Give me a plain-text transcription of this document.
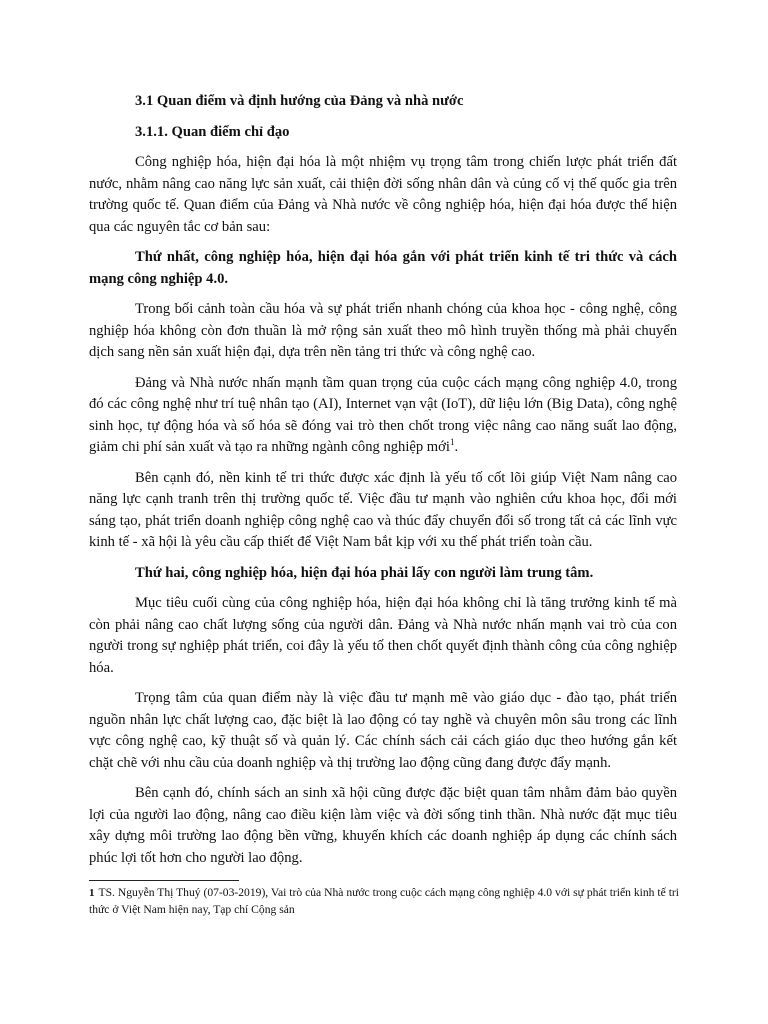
3.1 Quan điểm và định hướng của Đảng và nhà nước

3.1.1. Quan điểm chỉ đạo

Công nghiệp hóa, hiện đại hóa là một nhiệm vụ trọng tâm trong chiến lược phát triển đất nước, nhằm nâng cao năng lực sản xuất, cải thiện đời sống nhân dân và củng cố vị thế quốc gia trên trường quốc tế. Quan điểm của Đảng và Nhà nước về công nghiệp hóa, hiện đại hóa được thể hiện qua các nguyên tắc cơ bản sau:

Thứ nhất, công nghiệp hóa, hiện đại hóa gắn với phát triển kinh tế tri thức và cách mạng công nghiệp 4.0.

Trong bối cảnh toàn cầu hóa và sự phát triển nhanh chóng của khoa học - công nghệ, công nghiệp hóa không còn đơn thuần là mở rộng sản xuất theo mô hình truyền thống mà phải chuyển dịch sang nền sản xuất hiện đại, dựa trên nền tảng tri thức và công nghệ cao.

Đảng và Nhà nước nhấn mạnh tầm quan trọng của cuộc cách mạng công nghiệp 4.0, trong đó các công nghệ như trí tuệ nhân tạo (AI), Internet vạn vật (IoT), dữ liệu lớn (Big Data), công nghệ sinh học, tự động hóa và số hóa sẽ đóng vai trò then chốt trong việc nâng cao năng suất lao động, giảm chi phí sản xuất và tạo ra những ngành công nghiệp mới$^1$.

Bên cạnh đó, nền kinh tế tri thức được xác định là yếu tố cốt lõi giúp Việt Nam nâng cao năng lực cạnh tranh trên thị trường quốc tế. Việc đầu tư mạnh vào nghiên cứu khoa học, đổi mới sáng tạo, phát triển doanh nghiệp công nghệ cao và thúc đẩy chuyển đổi số trong tất cả các lĩnh vực kinh tế - xã hội là yêu cầu cấp thiết để Việt Nam bắt kịp với xu thế phát triển toàn cầu.

Thứ hai, công nghiệp hóa, hiện đại hóa phải lấy con người làm trung tâm.

Mục tiêu cuối cùng của công nghiệp hóa, hiện đại hóa không chỉ là tăng trưởng kinh tế mà còn phải nâng cao chất lượng sống của người dân. Đảng và Nhà nước nhấn mạnh vai trò của con người trong sự nghiệp phát triển, coi đây là yếu tố then chốt quyết định thành công của công nghiệp hóa.

Trọng tâm của quan điểm này là việc đầu tư mạnh mẽ vào giáo dục - đào tạo, phát triển nguồn nhân lực chất lượng cao, đặc biệt là lao động có tay nghề và chuyên môn sâu trong các lĩnh vực công nghệ cao, kỹ thuật số và quản lý. Các chính sách cải cách giáo dục theo hướng gắn kết chặt chẽ với nhu cầu của doanh nghiệp và thị trường lao động cũng đang được đẩy mạnh.

Bên cạnh đó, chính sách an sinh xã hội cũng được đặc biệt quan tâm nhằm đảm bảo quyền lợi của người lao động, nâng cao điều kiện làm việc và đời sống tinh thần. Nhà nước đặt mục tiêu xây dựng môi trường lao động bền vững, khuyến khích các doanh nghiệp áp dụng các chính sách phúc lợi tốt hơn cho người lao động.

1 TS. Nguyễn Thị Thuý (07-03-2019), Vai trò của Nhà nước trong cuộc cách mạng công nghiệp 4.0 với sự phát triển kinh tế tri thức ở Việt Nam hiện nay, Tạp chí Cộng sản
